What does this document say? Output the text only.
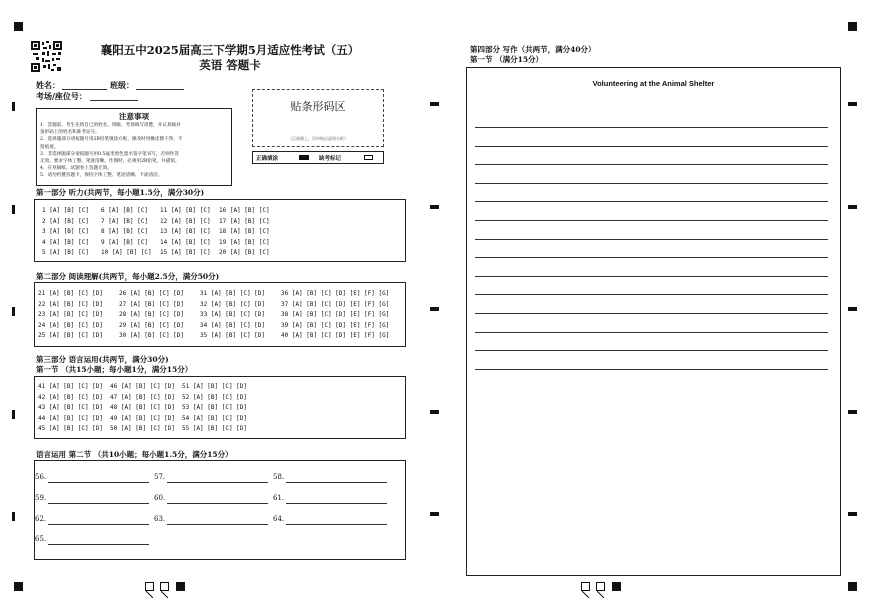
襄阳五中2025届高三下学期5月适应性考试（五）
英语 答题卡
姓名：	班级：
考场/座位号：
贴条形码区
（正面朝上，切勿贴出虚线方框）
正确填涂	缺考标记
注意事项
1．答题前，考生先将自己的姓名、班级、考场填写清楚，并认真核对
条形码上的姓名和准考证号。
2．选择题部分请按题号用2B铅笔填涂方框，修改时用橡皮擦干净，不
留痕迹。
3．非选择题部分请按题号用0.5毫米黑色墨水签字笔书写，否则作答
无效。要求字体工整、笔迹清晰。作图时，必须用2B铅笔，并描浓。
4．在草稿纸、试题卷上答题无效。
5．请勿折叠答题卡，保持字体工整、笔迹清晰、卡面清洁。
第一部分 听力(共两节，每小题1.5分，满分30分)
1 [A] [B] [C]
2 [A] [B] [C]
3 [A] [B] [C]
4 [A] [B] [C]
5 [A] [B] [C]
6 [A] [B] [C]
7 [A] [B] [C]
8 [A] [B] [C]
9 [A] [B] [C]
10 [A] [B] [C]
11 [A] [B] [C]
12 [A] [B] [C]
13 [A] [B] [C]
14 [A] [B] [C]
15 [A] [B] [C]
16 [A] [B] [C]
17 [A] [B] [C]
18 [A] [B] [C]
19 [A] [B] [C]
20 [A] [B] [C]
第二部分 阅读理解(共两节，每小题2.5分，满分50分)
21 [A] [B] [C] [D]
22 [A] [B] [C] [D]
23 [A] [B] [C] [D]
24 [A] [B] [C] [D]
25 [A] [B] [C] [D]
26 [A] [B] [C] [D]
27 [A] [B] [C] [D]
28 [A] [B] [C] [D]
29 [A] [B] [C] [D]
30 [A] [B] [C] [D]
31 [A] [B] [C] [D]
32 [A] [B] [C] [D]
33 [A] [B] [C] [D]
34 [A] [B] [C] [D]
35 [A] [B] [C] [D]
36 [A] [B] [C] [D] [E] [F] [G]
37 [A] [B] [C] [D] [E] [F] [G]
38 [A] [B] [C] [D] [E] [F] [G]
39 [A] [B] [C] [D] [E] [F] [G]
40 [A] [B] [C] [D] [E] [F] [G]
第三部分 语言运用(共两节，满分30分)
第一节 （共15小题；每小题1分，满分15分）
41 [A] [B] [C] [D]
42 [A] [B] [C] [D]
43 [A] [B] [C] [D]
44 [A] [B] [C] [D]
45 [A] [B] [C] [D]
46 [A] [B] [C] [D]
47 [A] [B] [C] [D]
48 [A] [B] [C] [D]
49 [A] [B] [C] [D]
50 [A] [B] [C] [D]
51 [A] [B] [C] [D]
52 [A] [B] [C] [D]
53 [A] [B] [C] [D]
54 [A] [B] [C] [D]
55 [A] [B] [C] [D]
语言运用 第二节 （共10小题；每小题1.5分，满分15分）
56.	57.	58.
59.	60.	61.
62.	63.	64.
65.
第四部分 写作（共两节，满分40分）
第一节 （满分15分）
Volunteering at the Animal Shelter
